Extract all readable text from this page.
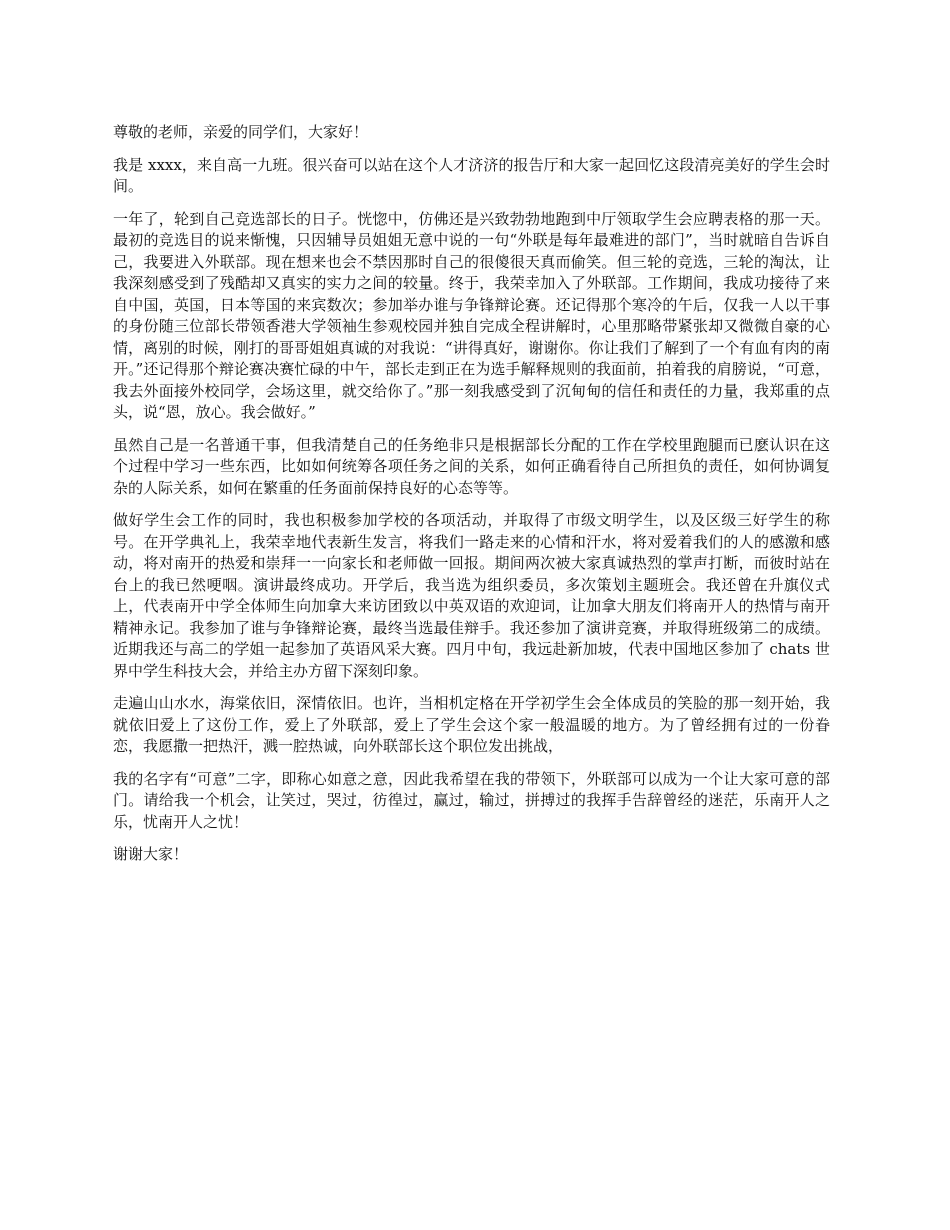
尊敬的老师，亲爱的同学们，大家好！

我是 xxxx，来自高一九班。很兴奋可以站在这个人才济济的报告厅和大家一起回忆这段清亮美好的学生会时间。

一年了，轮到自己竞选部长的日子。恍惚中，仿佛还是兴致勃勃地跑到中厅领取学生会应聘表格的那一天。最初的竞选目的说来惭愧，只因辅导员姐姐无意中说的一句“外联是每年最难进的部门”，当时就暗自告诉自己，我要进入外联部。现在想来也会不禁因那时自己的很傻很天真而偷笑。但三轮的竞选，三轮的淘汰，让我深刻感受到了残酷却又真实的实力之间的较量。终于，我荣幸加入了外联部。工作期间，我成功接待了来自中国，英国，日本等国的来宾数次；参加举办谁与争锋辩论赛。还记得那个寒冷的午后，仅我一人以干事的身份随三位部长带领香港大学领袖生参观校园并独自完成全程讲解时，心里那略带紧张却又微微自豪的心情，离别的时候，刚打的哥哥姐姐真诚的对我说：“讲得真好，谢谢你。你让我们了解到了一个有血有肉的南开。”还记得那个辩论赛决赛忙碌的中午，部长走到正在为选手解释规则的我面前，拍着我的肩膀说，“可意，我去外面接外校同学，会场这里，就交给你了。”那一刻我感受到了沉甸甸的信任和责任的力量，我郑重的点头，说“恩，放心。我会做好。”

虽然自己是一名普通干事，但我清楚自己的任务绝非只是根据部长分配的工作在学校里跑腿而已麽认识在这个过程中学习一些东西，比如如何统筹各项任务之间的关系，如何正确看待自己所担负的责任，如何协调复杂的人际关系，如何在繁重的任务面前保持良好的心态等等。

做好学生会工作的同时，我也积极参加学校的各项活动，并取得了市级文明学生，以及区级三好学生的称号。在开学典礼上，我荣幸地代表新生发言，将我们一路走来的心情和汗水，将对爱着我们的人的感激和感动，将对南开的热爱和崇拜一一向家长和老师做一回报。期间两次被大家真诚热烈的掌声打断，而彼时站在台上的我已然哽咽。演讲最终成功。开学后，我当选为组织委员，多次策划主题班会。我还曾在升旗仪式上，代表南开中学全体师生向加拿大来访团致以中英双语的欢迎词，让加拿大朋友们将南开人的热情与南开精神永记。我参加了谁与争锋辩论赛，最终当选最佳辩手。我还参加了演讲竞赛，并取得班级第二的成绩。近期我还与高二的学姐一起参加了英语风采大赛。四月中旬，我远赴新加坡，代表中国地区参加了 chats 世界中学生科技大会，并给主办方留下深刻印象。

走遍山山水水，海棠依旧，深情依旧。也许，当相机定格在开学初学生会全体成员的笑脸的那一刻开始，我就依旧爱上了这份工作，爱上了外联部，爱上了学生会这个家一般温暖的地方。为了曾经拥有过的一份眷恋，我愿撒一把热汗，溅一腔热诚，向外联部长这个职位发出挑战，

我的名字有“可意”二字，即称心如意之意，因此我希望在我的带领下，外联部可以成为一个让大家可意的部门。请给我一个机会，让笑过，哭过，彷徨过，赢过，输过，拼搏过的我挥手告辞曾经的迷茫，乐南开人之乐，忧南开人之忧！

谢谢大家！
